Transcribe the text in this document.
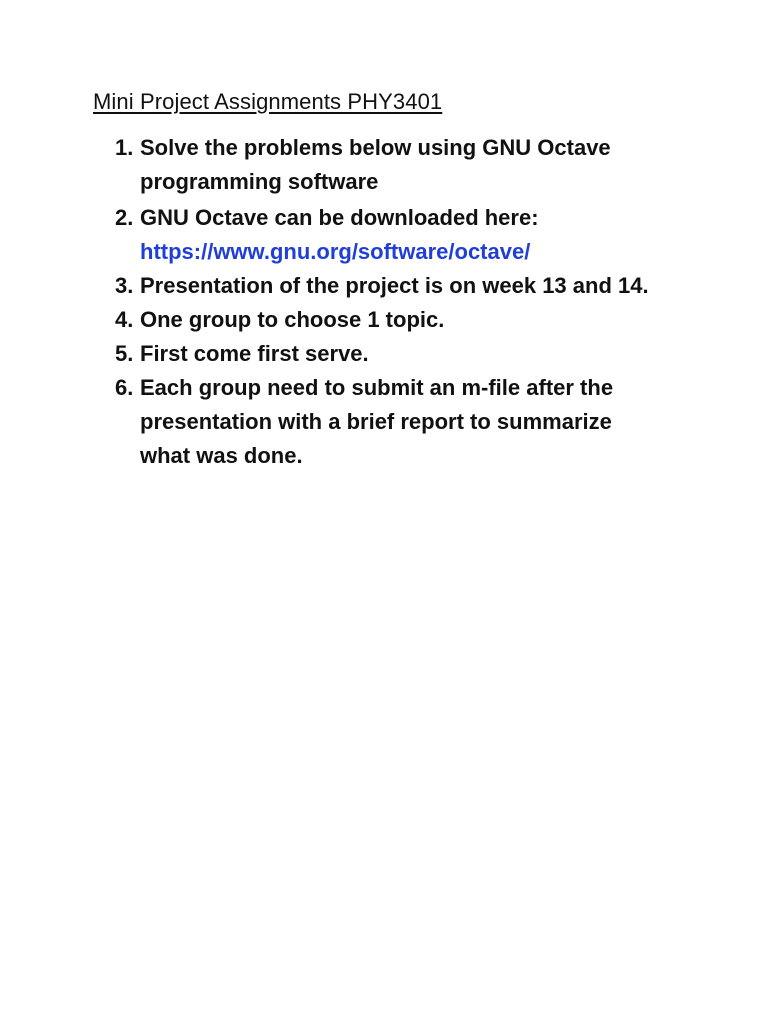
Mini Project Assignments PHY3401
1. Solve the problems below using GNU Octave
programming software
2. GNU Octave can be downloaded here:
https://www.gnu.org/software/octave/
3. Presentation of the project is on week 13 and 14.
4. One group to choose 1 topic.
5. First come first serve.
6. Each group need to submit an m-file after the
presentation with a brief report to summarize
what was done.
